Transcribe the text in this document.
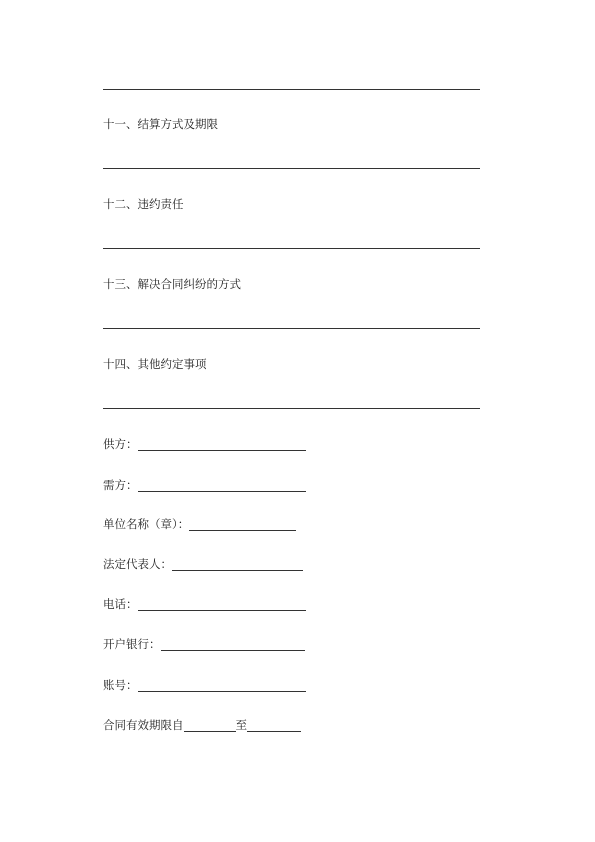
十一、结算方式及期限
十二、违约责任
十三、解决合同纠纷的方式
十四、其他约定事项
供方：
需方：
单位名称（章）：
法定代表人：
电话：
开户银行：
账号：
合同有效期限自	至
